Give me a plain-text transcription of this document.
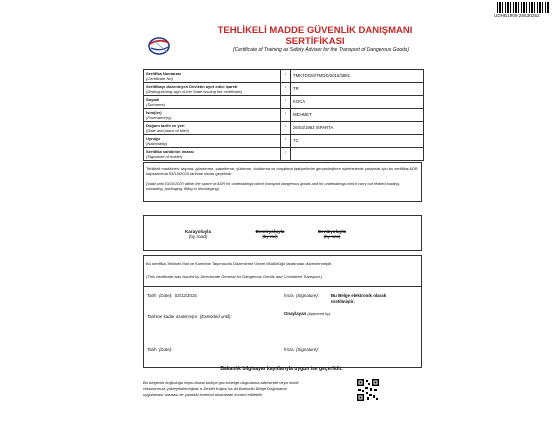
UDHB1909 26530252
TEHLİKELİ MADDE GÜVENLİK DANIŞMANI
SERTİFİKASI
(Certificate of Training as Safety Adviser for the Transport of Dangerous Goods)
Sertifika Numarası
(Certificate No)	:	TMKTDGM/TMGD/2015/3881

Sertifikayı düzenleyen Devletin ayırt edici işareti
(Distinguishing sign of the State issuing the certificate)	:	TR

Soyadı
(Surname)	:	KOCA

İsim(ler)
(Forename(s))	:	MEHMET

Doğum tarihi ve yeri
(Date and place of birth)	:	26/03/1983 ISPARTA

Uyruğu
(Nationality)	:	TC

Sertifika sahibinin imzası
(Signature of holder)	:	
Tehlikeli maddeleri; taşıma, gönderme, paketleme, yükleme, doldurma ve boşaltma faaliyetlerini gerçekleştiren işletmelerde çalışmak için,bu sertifika;ADR kapsamında 03/10/2020 tarihine kadar geçerlidir.
(Valid until 03/10/2020 within the space of ADR for undertakings which transport dangerous goods and for undertakings which carry out related loading, unloading, packaging, filling or discharging)
Karayoluyla
(by road)
Demiryoluyla
(by rail)
Denizyoluyla
(by sea)
Bu sertifika,Tehlikeli Mal ve Kombine Taşımacılık Düzenleme Genel Müdürlüğü tarafından düzenlenmiştir.
(This certificate was issued by Directorate General for Dangerous Goods and Combined Transport.)
Tarih (Date): 03/12/2015	İmza (Signature):	Bu Belge elektronik olarak
üretilmiştir.
Tarihine kadar uzatılmıştır (Extended until):
Onaylayan (Approved by):
Tarih (Date):	İmza (Signature):
Bakanlık bilgisayar kayıtlarıyla uygun ise geçerlidir.
Bu belgenin doğruluğu https://www.turkiye.gov.tr/belge-dogrulama adresinde veya mobil
cihazlarınıza yükleyebileceğiniz e-Devlet Kapısı'na ait Barkodlu Belge Doğrulama
uygulaması vasıtası ile yandaki karekod okutularak kontrol edilebilir
